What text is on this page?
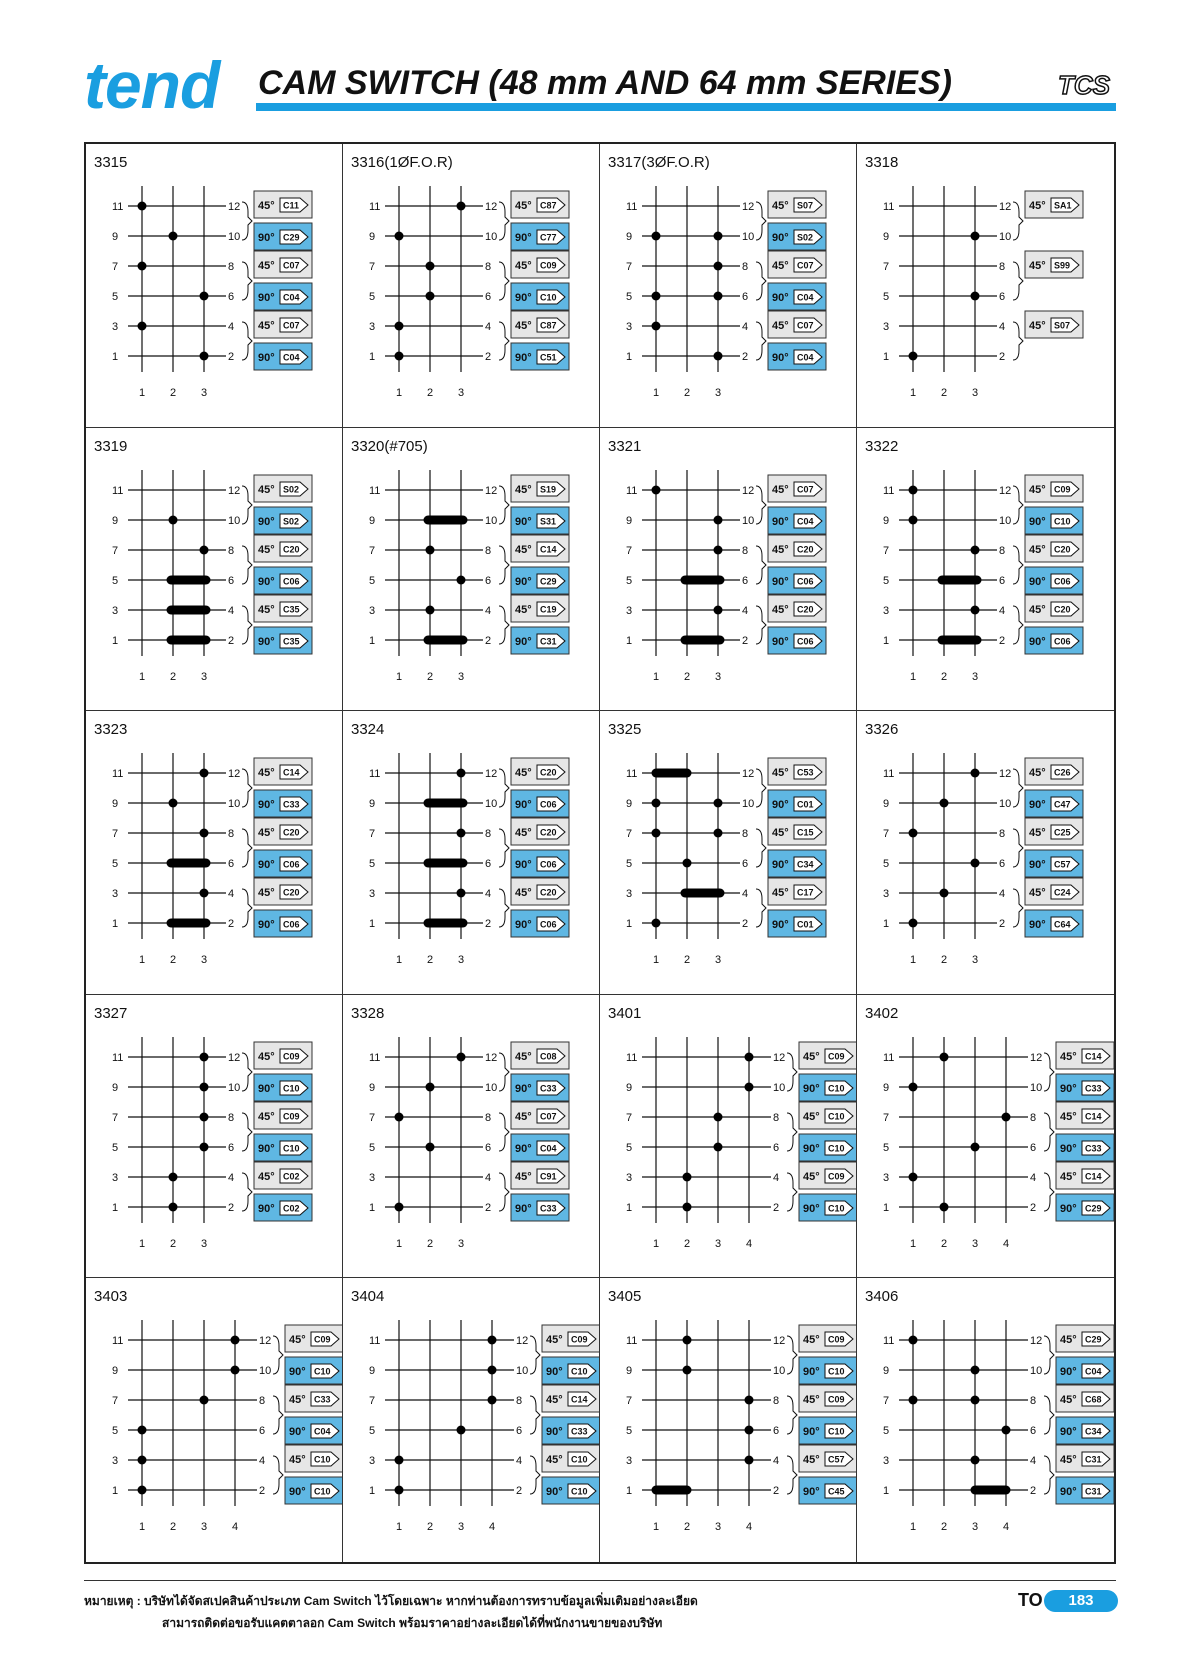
tend CAM SWITCH (48 mm AND 64 mm SERIES)	TCS
3315
1 2 3
11	12
9	10
7	8
5	6
3	4
1	2
45° C11
90° C29
45° C07
90° C04
45° C07
90° C04
3316(1ØF.O.R)
1 2 3
11	12
9	10
7	8
5	6
3	4
1	2
45° C87
90° C77
45° C09
90° C10
45° C87
90° C51
3317(3ØF.O.R)
1 2 3
11	12
9	10
7	8
5	6
3	4
1	2
45° S07
90° S02
45° C07
90° C04
45° C07
90° C04
3318
1 2 3
11	12
9	10
7	8
5	6
3	4
1	2
45° SA1
45° S99
45° S07
3319
1 2 3
11	12
9	10
7	8
5	6
3	4
1	2
45° S02
90° S02
45° C20
90° C06
45° C35
90° C35
3320(#705)
1 2 3
11	12
9	10
7	8
5	6
3	4
1	2
45° S19
90° S31
45° C14
90° C29
45° C19
90° C31
3321
1 2 3
11	12
9	10
7	8
5	6
3	4
1	2
45° C07
90° C04
45° C20
90° C06
45° C20
90° C06
3322
1 2 3
11	12
9	10
7	8
5	6
3	4
1	2
45° C09
90° C10
45° C20
90° C06
45° C20
90° C06
3323
1 2 3
11	12
9	10
7	8
5	6
3	4
1	2
45° C14
90° C33
45° C20
90° C06
45° C20
90° C06
3324
1 2 3
11	12
9	10
7	8
5	6
3	4
1	2
45° C20
90° C06
45° C20
90° C06
45° C20
90° C06
3325
1 2 3
11	12
9	10
7	8
5	6
3	4
1	2
45° C53
90° C01
45° C15
90° C34
45° C17
90° C01
3326
1 2 3
11	12
9	10
7	8
5	6
3	4
1	2
45° C26
90° C47
45° C25
90° C57
45° C24
90° C64
3327
1 2 3
11	12
9	10
7	8
5	6
3	4
1	2
45° C09
90° C10
45° C09
90° C10
45° C02
90° C02
3328
1 2 3
11	12
9	10
7	8
5	6
3	4
1	2
45° C08
90° C33
45° C07
90° C04
45° C91
90° C33
3401
1 2 3 4
11	12
9	10
7	8
5	6
3	4
1	2
45° C09
90° C10
45° C10
90° C10
45° C09
90° C10
3402
1 2 3 4
11	12
9	10
7	8
5	6
3	4
1	2
45° C14
90° C33
45° C14
90° C33
45° C14
90° C29
3403
1 2 3 4
11	12
9	10
7	8
5	6
3	4
1	2
45° C09
90° C10
45° C33
90° C04
45° C10
90° C10
3404
1 2 3 4
11	12
9	10
7	8
5	6
3	4
1	2
45° C09
90° C10
45° C14
90° C33
45° C10
90° C10
3405
1 2 3 4
11	12
9	10
7	8
5	6
3	4
1	2
45° C09
90° C10
45° C09
90° C10
45° C57
90° C45
3406
1 2 3 4
11	12
9	10
7	8
5	6
3	4
1	2
45° C29
90° C04
45° C68
90° C34
45° C31
90° C31
หมายเหตุ : บริษัทได้จัดสเปคสินค้าประเภท Cam Switch ไว้โดยเฉพาะ หากท่านต้องการทราบข้อมูลเพิ่มเติมอย่างละเอียด
สามารถติดต่อขอรับแคตตาลอก Cam Switch พร้อมราคาอย่างละเอียดได้ที่พนักงานขายของบริษัท
TO	183
